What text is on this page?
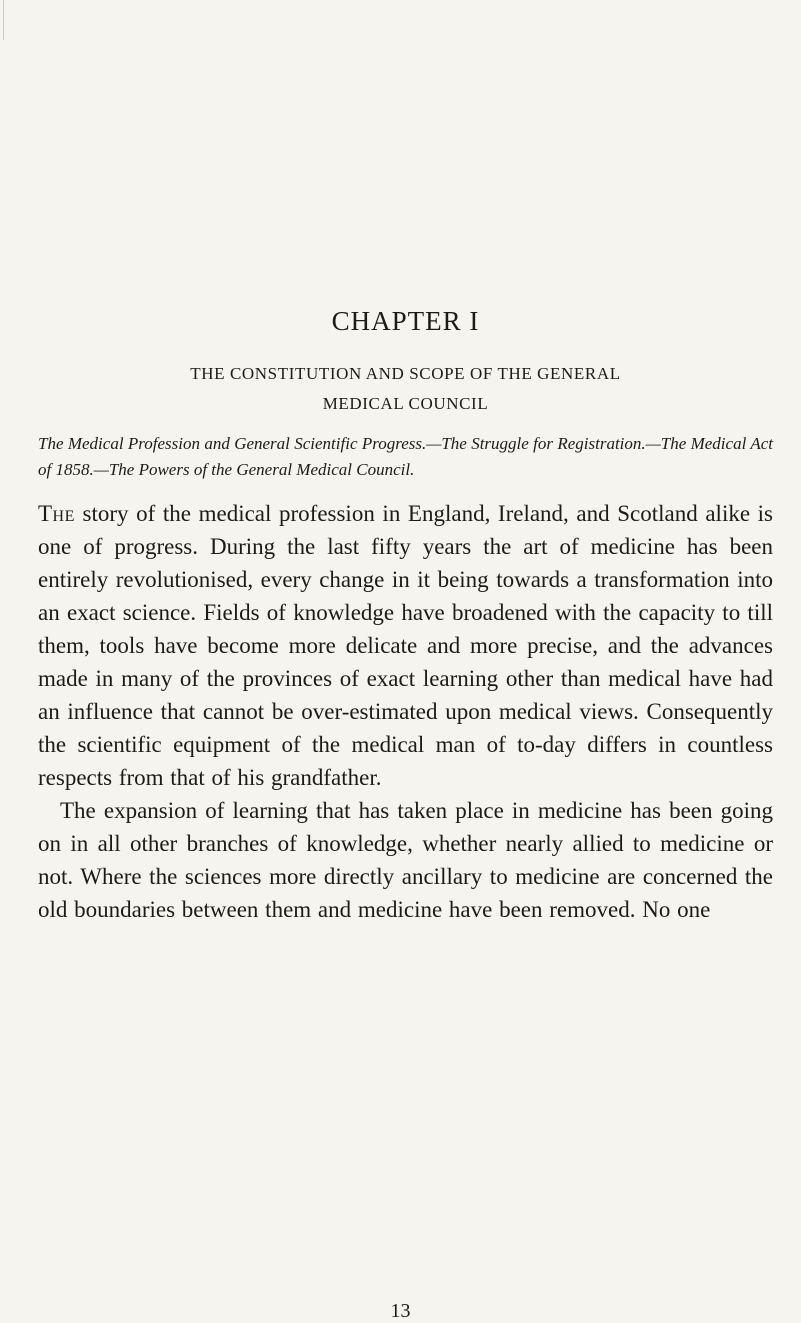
CHAPTER I
THE CONSTITUTION AND SCOPE OF THE GENERAL
MEDICAL COUNCIL

The Medical Profession and General Scientific Progress.—The Struggle for Registration.—The Medical Act of 1858.—The Powers of the General Medical Council.

The story of the medical profession in England, Ireland, and Scotland alike is one of progress. During the last fifty years the art of medicine has been entirely revolutionised, every change in it being towards a transformation into an exact science. Fields of knowledge have broadened with the capacity to till them, tools have become more delicate and more precise, and the advances made in many of the provinces of exact learning other than medical have had an influence that cannot be over-estimated upon medical views. Consequently the scientific equipment of the medical man of to-day differs in countless respects from that of his grandfather.

The expansion of learning that has taken place in medicine has been going on in all other branches of knowledge, whether nearly allied to medicine or not. Where the sciences more directly ancillary to medicine are concerned the old boundaries between them and medicine have been removed. No one

13
